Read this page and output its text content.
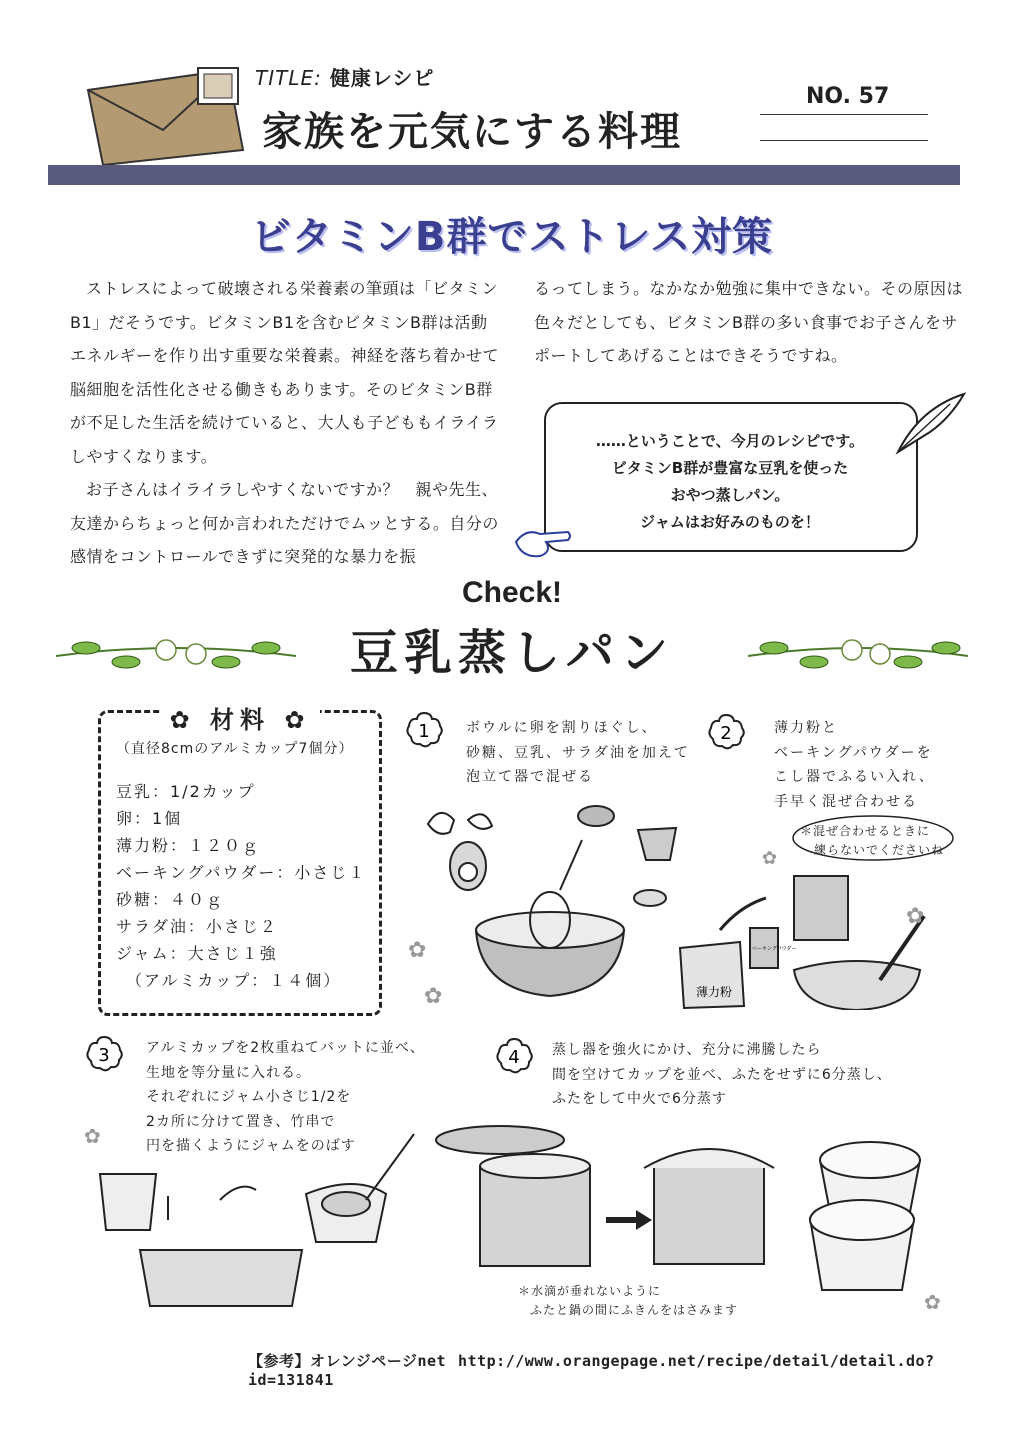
TITLE: 健康レシピ
家族を元気にする料理
NO. 57
ビタミンB群でストレス対策

ストレスによって破壊される栄養素の筆頭は「ビタミンB1」だそうです。ビタミンB1を含むビタミンB群は活動エネルギーを作り出す重要な栄養素。神経を落ち着かせて脳細胞を活性化させる働きもあります。そのビタミンB群が不足した生活を続けていると、大人も子どももイライラしやすくなります。

お子さんはイライラしやすくないですか？　親や先生、友達からちょっと何か言われただけでムッとする。自分の感情をコントロールできずに突発的な暴力を振

るってしまう。なかなか勉強に集中できない。その原因は色々だとしても、ビタミンB群の多い食事でお子さんをサポートしてあげることはできそうですね。

……ということで、今月のレシピです。
ビタミンB群が豊富な豆乳を使った
おやつ蒸しパン。
ジャムはお好みのものを！
Check!
豆乳蒸しパン
✿ 材料 ✿
（直径8cmのアルミカップ7個分）
豆乳：1/2カップ
卵：1個
薄力粉：１２０ｇ
ベーキングパウダー：小さじ１
砂糖：４０ｇ
サラダ油：小さじ２
ジャム：大さじ１強
（アルミカップ：１４個）
1	ボウルに卵を割りほぐし、
砂糖、豆乳、サラダ油を加えて
泡立て器で混ぜる
2	薄力粉と
ベーキングパウダーを
こし器でふるい入れ、
手早く混ぜ合わせる
＊混ぜ合わせるときに
練らないでくださいね
薄力粉
ベーキングパウダー
3	アルミカップを2枚重ねてバットに並べ、
生地を等分量に入れる。
それぞれにジャム小さじ1/2を
2カ所に分けて置き、竹串で
円を描くようにジャムをのばす
4 蒸し器を強火にかけ、充分に沸騰したら
間を空けてカップを並べ、ふたをせずに6分蒸し、
ふたをして中火で6分蒸す
＊水滴が垂れないように
ふたと鍋の間にふきんをはさみます
✿
✿
✿
✿
✿
✿
【参考】オレンジページnet http://www.orangepage.net/recipe/detail/detail.do?id=131841
